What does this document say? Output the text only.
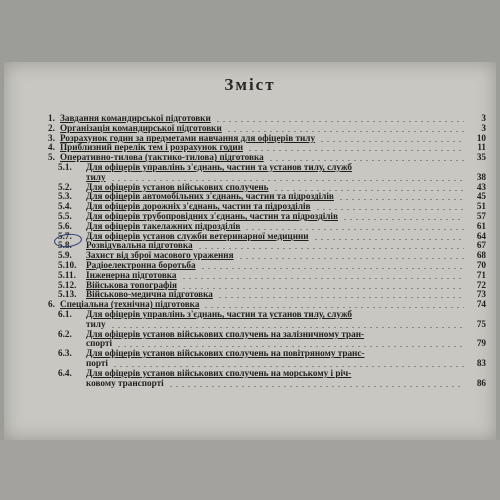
Зміст
1. Завдання командирської підготовки	3
2. Організація командирської підготовки	3
3. Розрахунок годин за предметами навчання для офіцерів тилу	10
4. Приблизний перелік тем і розрахунок годин	11
5. Оперативно-тилова (тактико-тилова) підготовка	35
5.1. Для офіцерів управлінь з'єднань, частин та установ тилу, служб
тилу	38
5.2. Для офіцерів установ військових сполучень	43
5.3. Для офіцерів автомобільних з'єднань, частин та підрозділів	45
5.4. Для офіцерів дорожніх з'єднань, частин та підрозділів	51
5.5. Для офіцерів трубопровідних з'єднань, частин та підрозділів	57
5.6. Для офіцерів такелажних підрозділів	61
5.7. Для офіцерів установ служби ветеринарної медицини	64
5.8. Розвідувальна підготовка	67
5.9. Захист від зброї масового ураження	68
5.10. Радіоелектронна боротьба	70
5.11. Інженерна підготовка	71
5.12. Військова топографія	72
5.13. Військово-медична підготовка	73
6. Спеціальна (технічна) підготовка	74
6.1. Для офіцерів управлінь з'єднань, частин та установ тилу, служб
тилу	75
6.2. Для офіцерів установ військових сполучень на залізничному тран-
спорті	79
6.3. Для офіцерів установ військових сполучень на повітряному транс-
порті	83
6.4. Для офіцерів установ військових сполучень на морському і річ-
ковому транспорті	86
